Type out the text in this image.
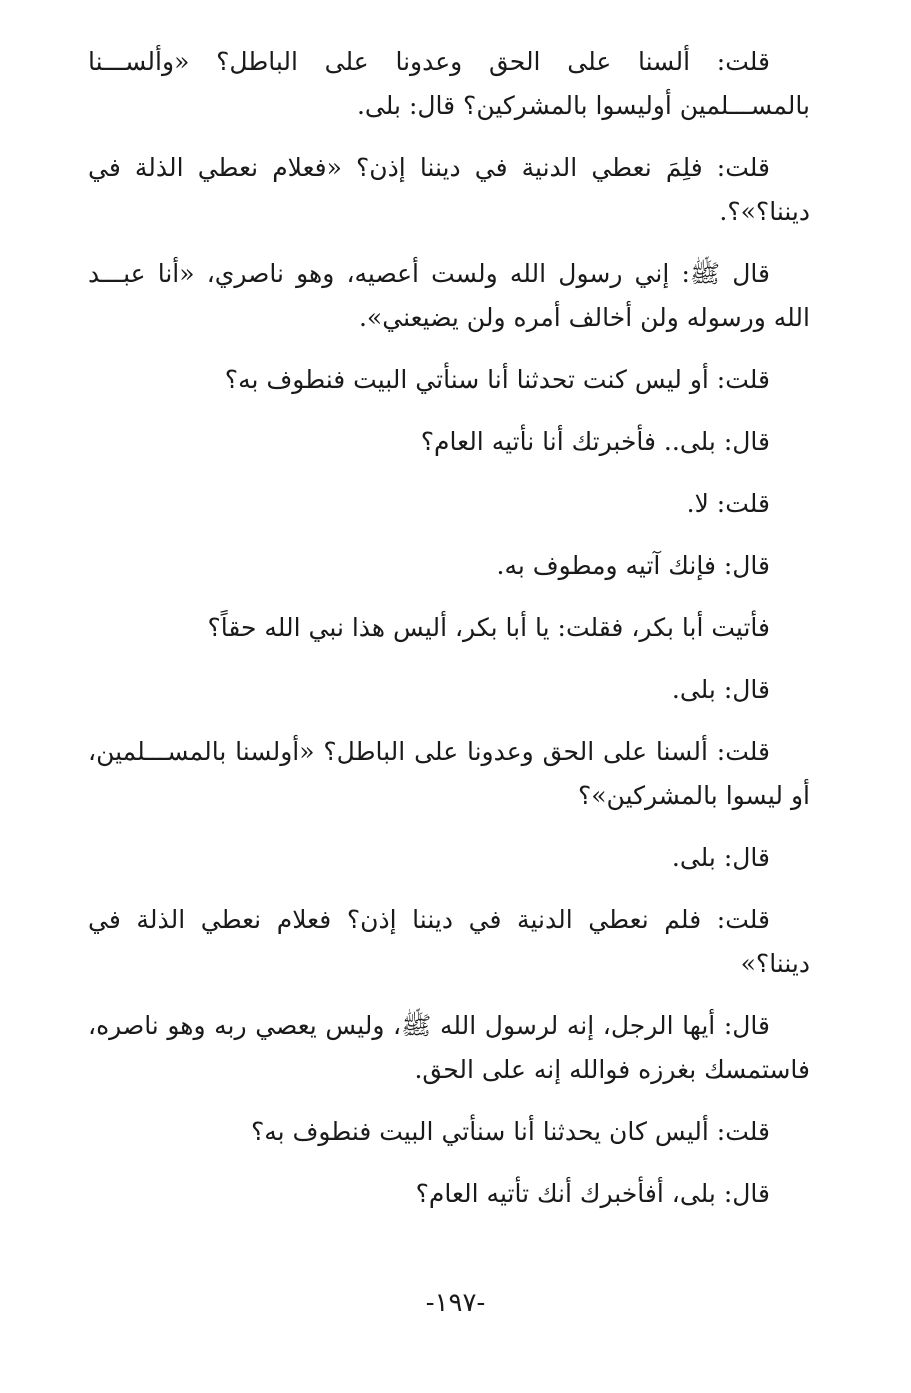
قلت: ألسنا على الحق وعدونا على الباطل؟ «وألســـنا بالمســـلمين أوليسوا بالمشركين؟ قال: بلى.

قلت: فلِمَ نعطي الدنية في ديننا إذن؟ «فعلام نعطي الذلة في ديننا؟»؟.

قال ﷺ: إني رسول الله ولست أعصيه، وهو ناصري، «أنا عبـــد الله ورسوله ولن أخالف أمره ولن يضيعني».

قلت: أو ليس كنت تحدثنا أنا سنأتي البيت فنطوف به؟

قال: بلى.. فأخبرتك أنا نأتيه العام؟

قلت: لا.

قال: فإنك آتيه ومطوف به.

فأتيت أبا بكر، فقلت: يا أبا بكر، أليس هذا نبي الله حقاً؟

قال: بلى.

قلت: ألسنا على الحق وعدونا على الباطل؟ «أولسنا بالمســـلمين، أو ليسوا بالمشركين»؟

قال: بلى.

قلت: فلم نعطي الدنية في ديننا إذن؟ فعلام نعطي الذلة في ديننا؟»

قال: أيها الرجل، إنه لرسول الله ﷺ، وليس يعصي ربه وهو ناصره، فاستمسك بغرزه فوالله إنه على الحق.

قلت: أليس كان يحدثنا أنا سنأتي البيت فنطوف به؟

قال: بلى، أفأخبرك أنك تأتيه العام؟

-١٩٧-
